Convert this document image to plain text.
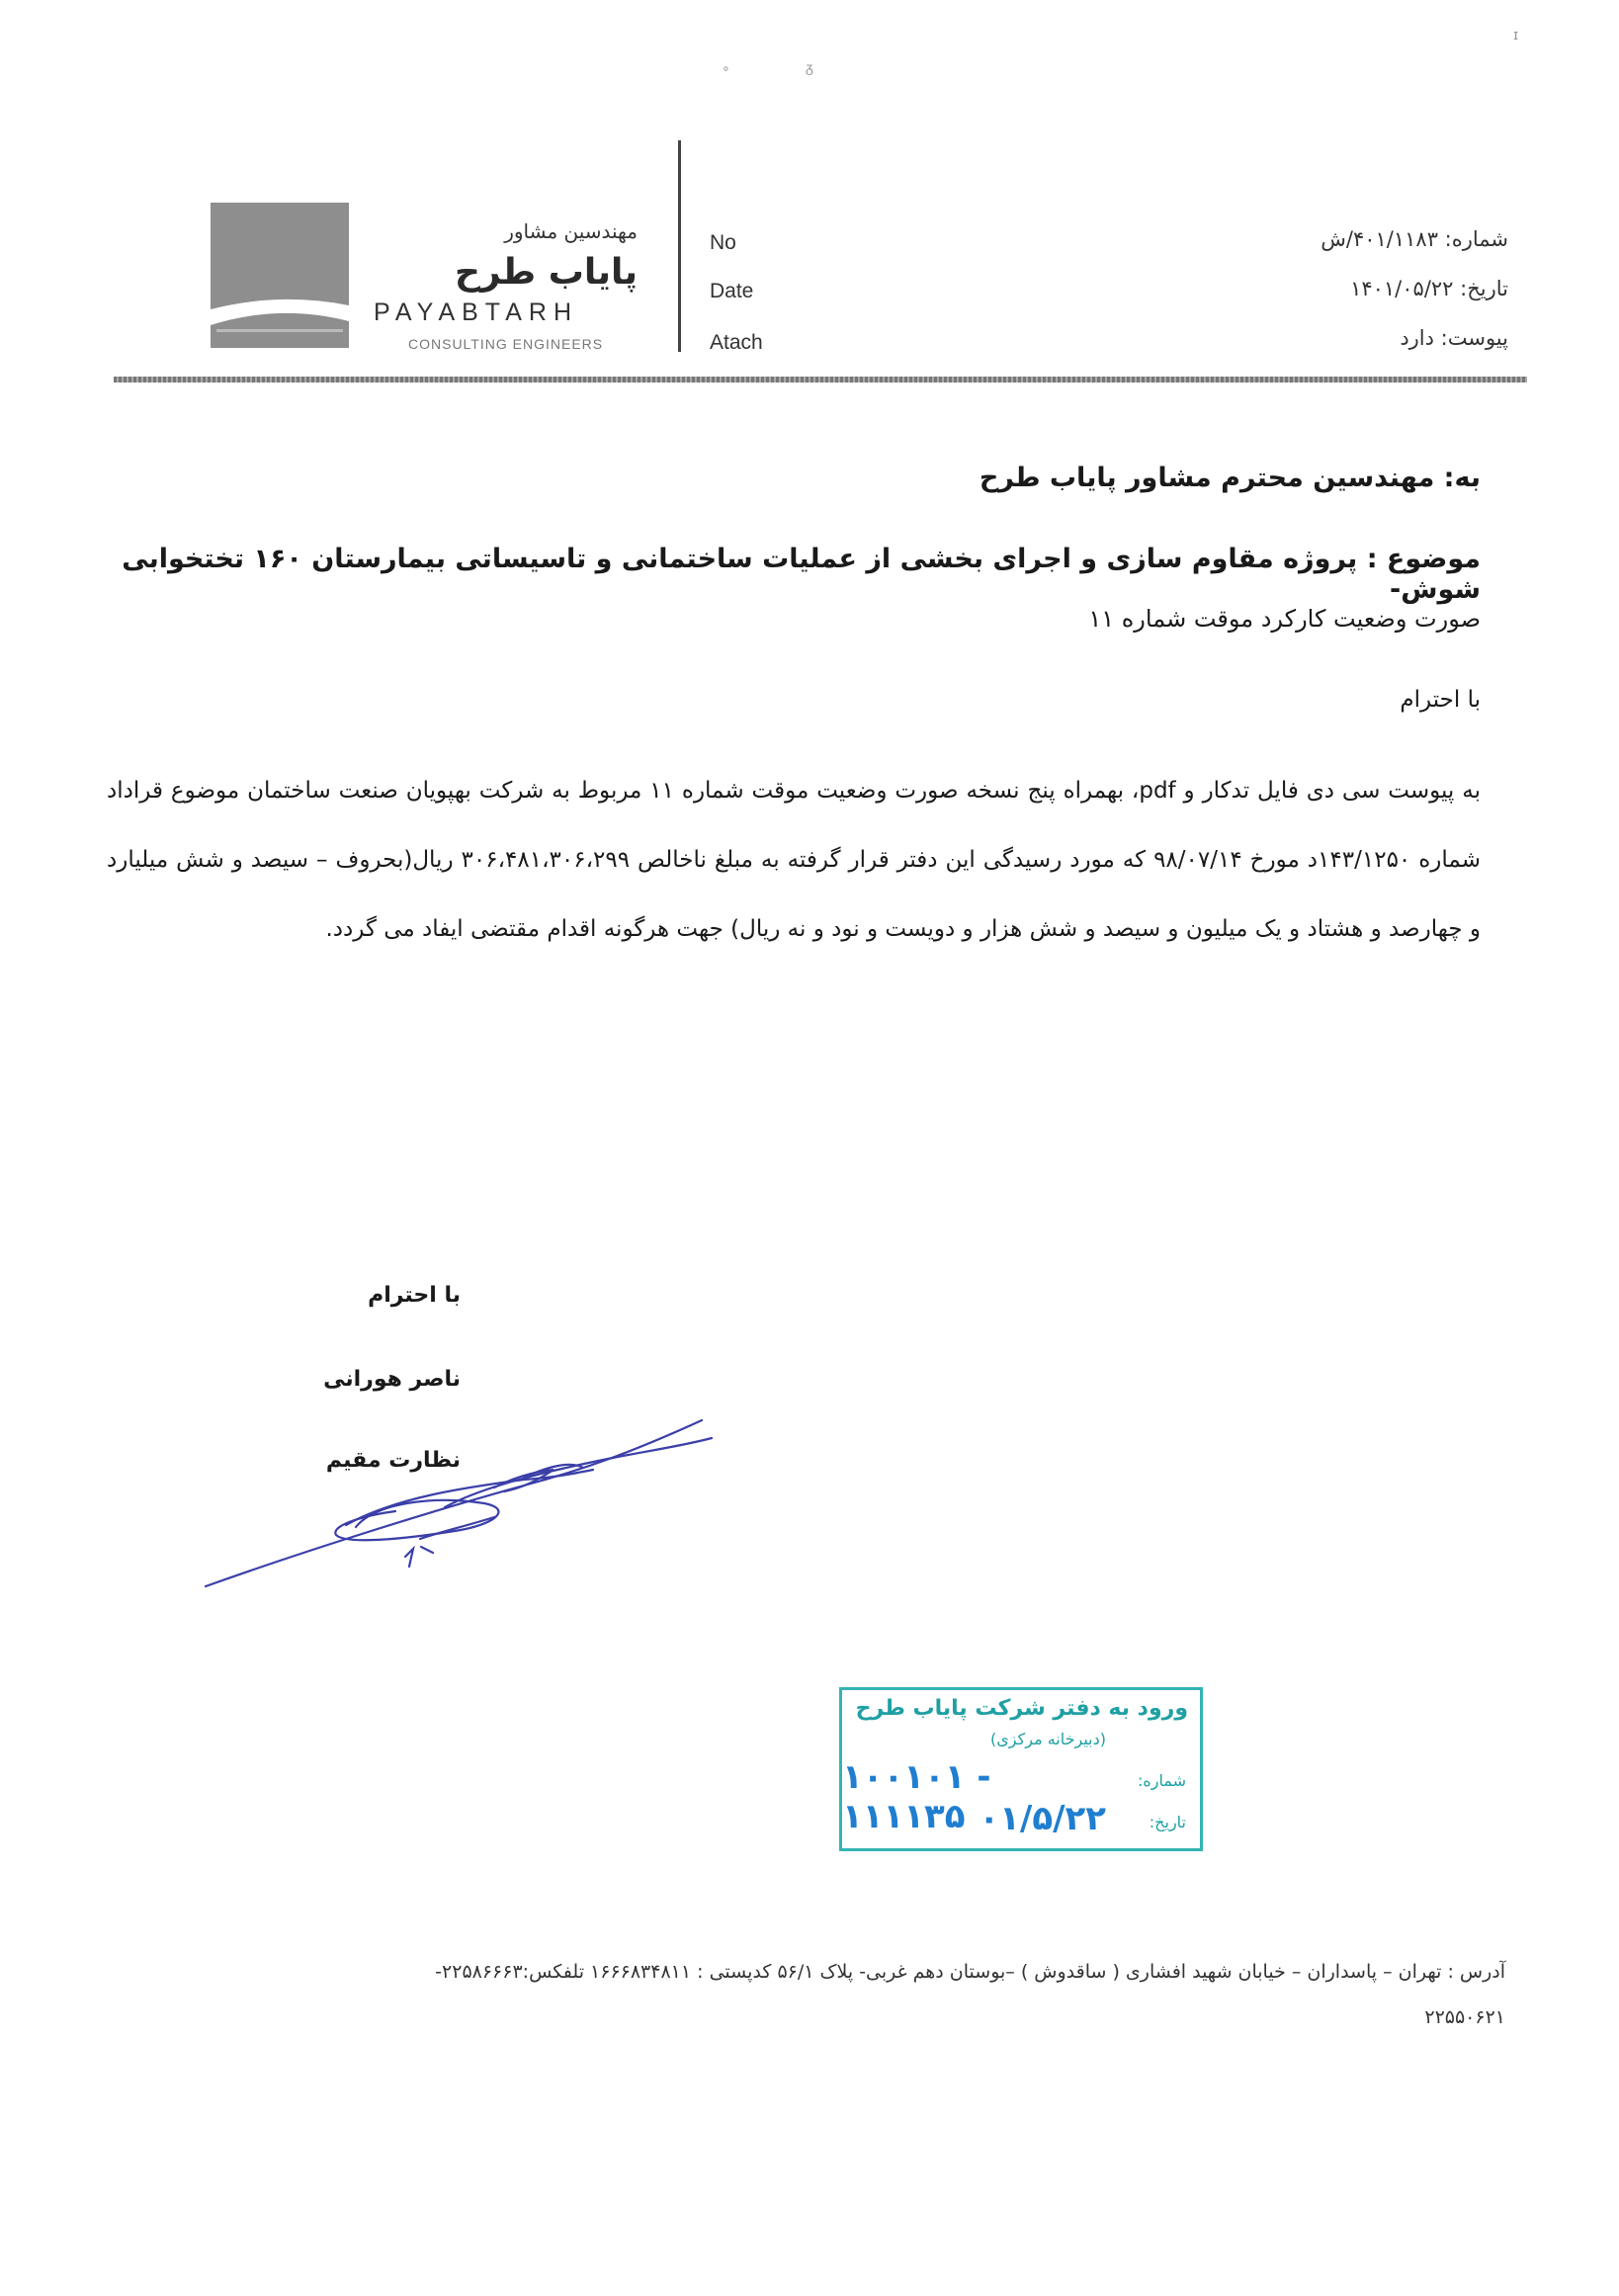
ɪ
∘	ᵹ
مهندسین مشاور
پایاب طرح
PAYABTARH
CONSULTING ENGINEERS
No
Date
Atach
شماره: ۴۰۱/۱۱۸۳/ش
تاریخ: ۱۴۰۱/۰۵/۲۲
پیوست: دارد
به: مهندسین محترم مشاور پایاب طرح
موضوع : پروژه مقاوم سازی و اجرای بخشی از عملیات ساختمانی و تاسیساتی بیمارستان ۱۶۰ تختخوابی شوش-
صورت وضعیت کارکرد موقت شماره ۱۱
با احترام
به پیوست سی دی فایل تدکار و pdf، بهمراه پنج نسخه صورت وضعیت موقت شماره ۱۱ مربوط به شرکت بهپویان صنعت ساختمان موضوع قراداد شماره ۱۴۳/۱۲۵۰د مورخ ۹۸/۰۷/۱۴ که مورد رسیدگی این دفتر قرار گرفته به مبلغ ناخالص ۳۰۶،۴۸۱،۳۰۶،۲۹۹ ریال(بحروف – سیصد و شش میلیارد و چهارصد و هشتاد و یک میلیون و سیصد و شش هزار و دویست و نود و نه ریال) جهت هرگونه اقدام مقتضی ایفاد می گردد.
با احترام
ناصر هورانی
نظارت مقیم
ورود به دفتر شرکت پایاب طرح
(دبیرخانه مرکزی)
شماره:
۱۰۰۱۰۱ - ۱۱۱۱۳۵	تاریخ:
۰۱/۵/۲۲
آدرس : تهران – پاسداران – خیابان شهید افشاری ( ساقدوش ) –بوستان دهم غربی- پلاک ۵۶/۱ کدپستی : ۱۶۶۶۸۳۴۸۱۱ تلفکس:۲۲۵۸۶۶۶۳-
۲۲۵۵۰۶۲۱
